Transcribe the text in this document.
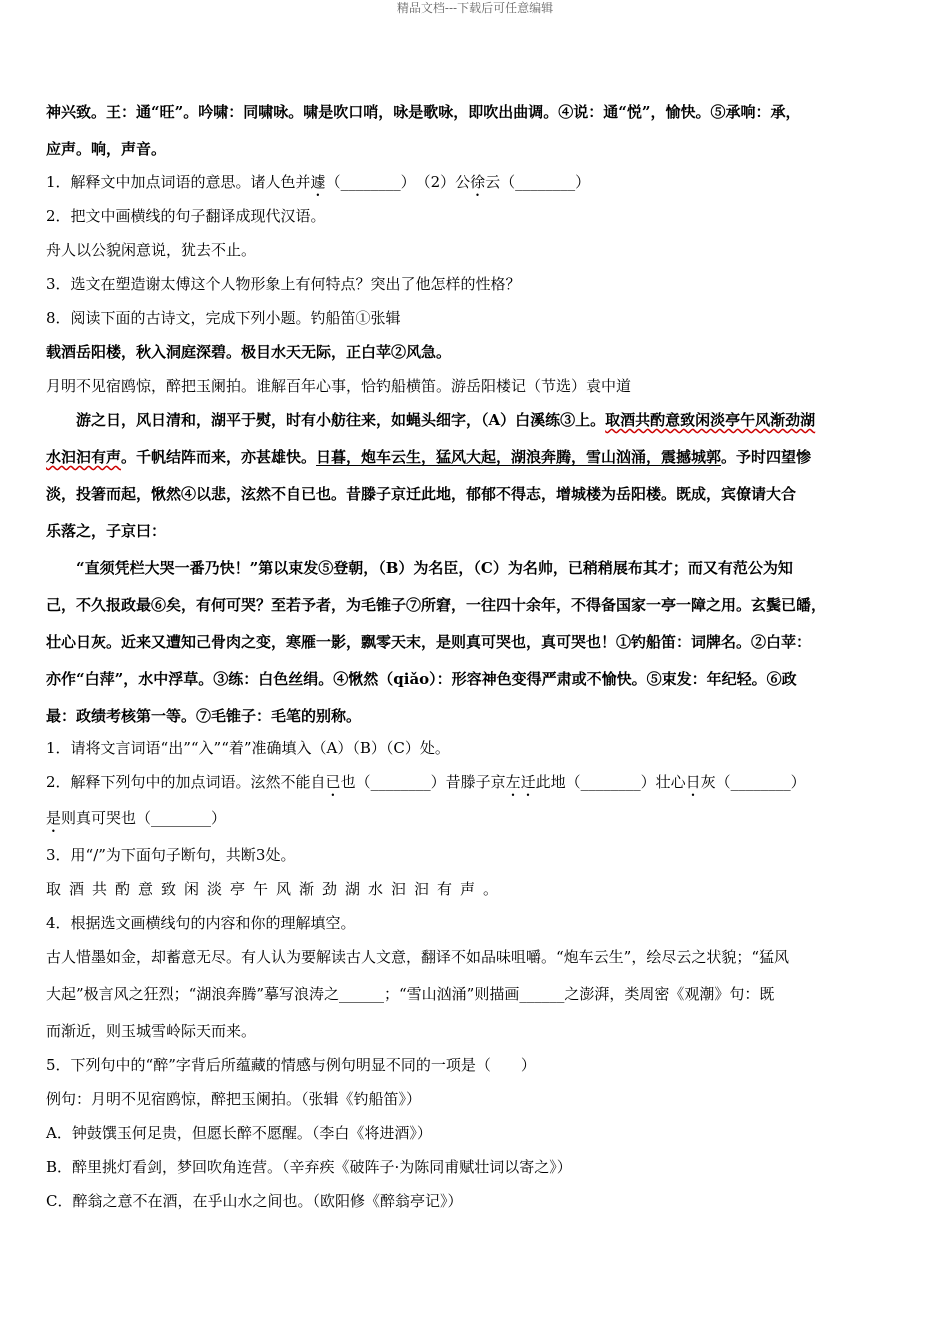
精品文档---下载后可任意编辑
神兴致。王：通“旺”。吟啸：同啸咏。啸是吹口哨，咏是歌咏，即吹出曲调。④说：通“悦”，愉快。⑤承响：承，
应声。响，声音。
1．解释文中加点词语的意思。诸人色并遽（________）　（2）公徐云（________）
2．把文中画横线的句子翻译成现代汉语。
舟人以公貌闲意说，犹去不止。
3．选文在塑造谢太傅这个人物形象上有何特点？突出了他怎样的性格？
8．阅读下面的古诗文，完成下列小题。钓船笛①张辑
载酒岳阳楼，秋入洞庭深碧。极目水天无际，正白苹②风急。
月明不见宿鸥惊，醉把玉阑拍。谁解百年心事，恰钓船横笛。游岳阳楼记（节选）袁中道
游之日，风日清和，湖平于熨，时有小舫往来，如蝇头细字，（A）白溪练③上。取酒共酌意致闲淡亭午风渐劲湖
水汩汩有声。千帆结阵而来，亦甚雄快。日暮，炮车云生，猛风大起，湖浪奔腾，雪山汹涌，震撼城郭。予时四望惨
淡，投箸而起，愀然④以悲，泫然不自已也。昔滕子京迁此地，郁郁不得志，增城楼为岳阳楼。既成，宾僚请大合
乐落之，子京曰：
“直须凭栏大哭一番乃快！”第以束发⑤登朝，（B）为名臣，（C）为名帅，已稍稍展布其才；而又有范公为知
己，不久报政最⑥矣，有何可哭？至若予者，为毛锥子⑦所窘，一往四十余年，不得备国家一亭一障之用。玄鬓已皤，
壮心日灰。近来又遭知己骨肉之变，寒雁一影，飘零天末，是则真可哭也，真可哭也！①钓船笛：词牌名。②白苹：
亦作“白萍”，水中浮草。③练：白色丝绢。④愀然（qiǎo）：形容神色变得严肃或不愉快。⑤束发：年纪轻。⑥政
最：政绩考核第一等。⑦毛锥子：毛笔的别称。
1．请将文言词语“出”“入”“着”准确填入（A）（B）（C）处。
2．解释下列句中的加点词语。泫然不能自已也（________）昔滕子京左迁此地（________）壮心日灰（________）
是则真可哭也（________）
3．用“/”为下面句子断句，共断3处。
取酒共酌意致闲淡亭午风渐劲湖水汩汩有声。
4．根据选文画横线句的内容和你的理解填空。
古人惜墨如金，却蓄意无尽。有人认为要解读古人文意，翻译不如品味咀嚼。“炮车云生”，绘尽云之状貌；“猛风
大起”极言风之狂烈；“湖浪奔腾”摹写浪涛之______；“雪山汹涌”则描画______之澎湃，类周密《观潮》句：既
而渐近，则玉城雪岭际天而来。
5．下列句中的“醉”字背后所蕴藏的情感与例句明显不同的一项是（　　）
例句：月明不见宿鸥惊，醉把玉阑拍。（张辑《钓船笛》）
A．钟鼓馔玉何足贵，但愿长醉不愿醒。（李白《将进酒》）
B．醉里挑灯看剑，梦回吹角连营。（辛弃疾《破阵子·为陈同甫赋壮词以寄之》）
C．醉翁之意不在酒，在乎山水之间也。（欧阳修《醉翁亭记》）
